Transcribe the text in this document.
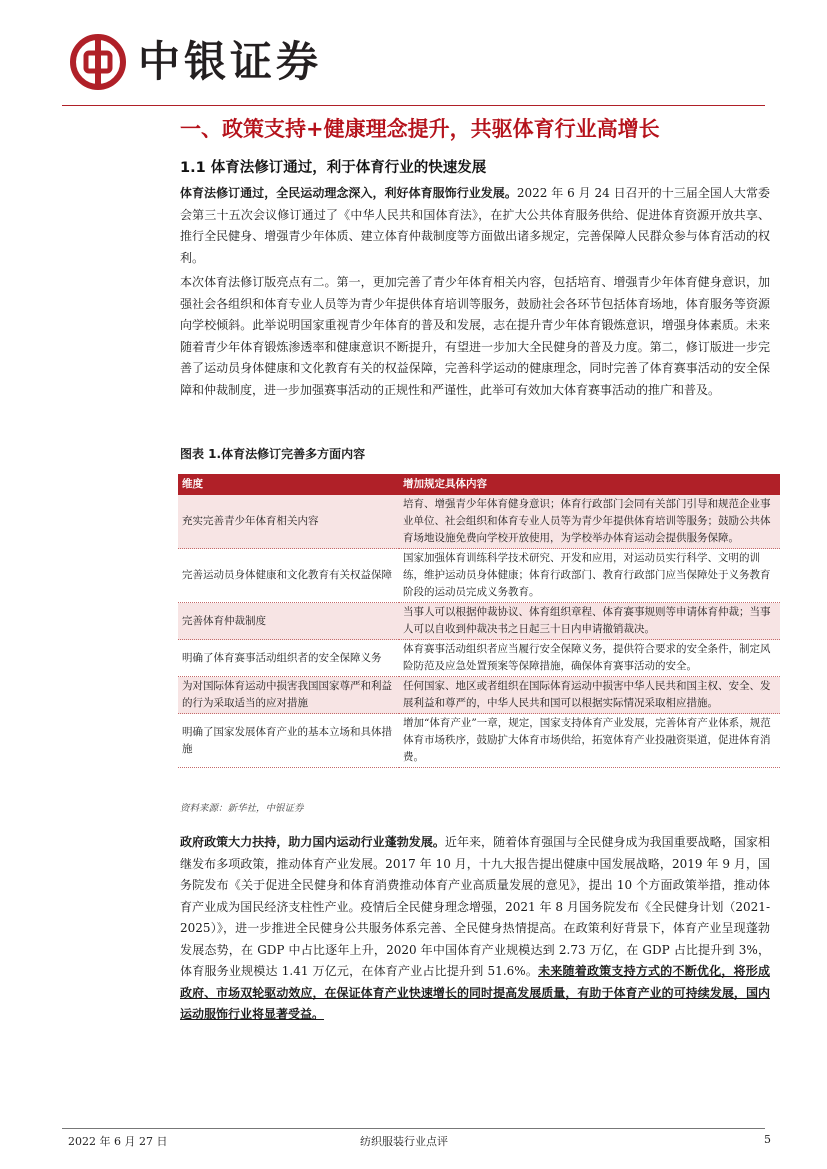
中银证券
一、政策支持+健康理念提升，共驱体育行业高增长
1.1 体育法修订通过，利于体育行业的快速发展
体育法修订通过，全民运动理念深入，利好体育服饰行业发展。2022 年 6 月 24 日召开的十三届全国人大常委会第三十五次会议修订通过了《中华人民共和国体育法》，在扩大公共体育服务供给、促进体育资源开放共享、推行全民健身、增强青少年体质、建立体育仲裁制度等方面做出诸多规定，完善保障人民群众参与体育活动的权利。
本次体育法修订版亮点有二。第一，更加完善了青少年体育相关内容，包括培育、增强青少年体育健身意识，加强社会各组织和体育专业人员等为青少年提供体育培训等服务，鼓励社会各环节包括体育场地，体育服务等资源向学校倾斜。此举说明国家重视青少年体育的普及和发展，志在提升青少年体育锻炼意识，增强身体素质。未来随着青少年体育锻炼渗透率和健康意识不断提升，有望进一步加大全民健身的普及力度。第二，修订版进一步完善了运动员身体健康和文化教育有关的权益保障，完善科学运动的健康理念，同时完善了体育赛事活动的安全保障和仲裁制度，进一步加强赛事活动的正规性和严谨性，此举可有效加大体育赛事活动的推广和普及。
图表 1.体育法修订完善多方面内容
维度	增加规定具体内容
充实完善青少年体育相关内容	培育、增强青少年体育健身意识；体育行政部门会同有关部门引导和规范企业事业单位、社会组织和体育专业人员等为青少年提供体育培训等服务；鼓励公共体育场地设施免费向学校开放使用，为学校举办体育运动会提供服务保障。
完善运动员身体健康和文化教育有关权益保障	国家加强体育训练科学技术研究、开发和应用，对运动员实行科学、文明的训练，维护运动员身体健康；体育行政部门、教育行政部门应当保障处于义务教育阶段的运动员完成义务教育。
完善体育仲裁制度	当事人可以根据仲裁协议、体育组织章程、体育赛事规则等申请体育仲裁；当事人可以自收到仲裁决书之日起三十日内申请撤销裁决。
明确了体育赛事活动组织者的安全保障义务	体育赛事活动组织者应当履行安全保障义务，提供符合要求的安全条件，制定风险防范及应急处置预案等保障措施，确保体育赛事活动的安全。
为对国际体育运动中损害我国国家尊严和利益的行为采取适当的应对措施	任何国家、地区或者组织在国际体育运动中损害中华人民共和国主权、安全、发展利益和尊严的，中华人民共和国可以根据实际情况采取相应措施。
明确了国家发展体育产业的基本立场和具体措施	增加“体育产业”一章，规定，国家支持体育产业发展，完善体育产业体系，规范体育市场秩序，鼓励扩大体育市场供给，拓宽体育产业投融资渠道，促进体育消费。
资料来源：新华社，中银证券
政府政策大力扶持，助力国内运动行业蓬勃发展。近年来，随着体育强国与全民健身成为我国重要战略，国家相继发布多项政策，推动体育产业发展。2017 年 10 月，十九大报告提出健康中国发展战略，2019 年 9 月，国务院发布《关于促进全民健身和体育消费推动体育产业高质量发展的意见》，提出 10 个方面政策举措，推动体育产业成为国民经济支柱性产业。疫情后全民健身理念增强，2021 年 8 月国务院发布《全民健身计划（2021-2025）》，进一步推进全民健身公共服务体系完善、全民健身热情提高。在政策利好背景下，体育产业呈现蓬勃发展态势，在 GDP 中占比逐年上升，2020 年中国体育产业规模达到 2.73 万亿，在 GDP 占比提升到 3%，体育服务业规模达 1.41 万亿元，在体育产业占比提升到 51.6%。未来随着政策支持方式的不断优化，将形成政府、市场双轮驱动效应，在保证体育产业快速增长的同时提高发展质量，有助于体育产业的可持续发展，国内运动服饰行业将显著受益。
2022 年 6 月 27 日	纺织服装行业点评	5
